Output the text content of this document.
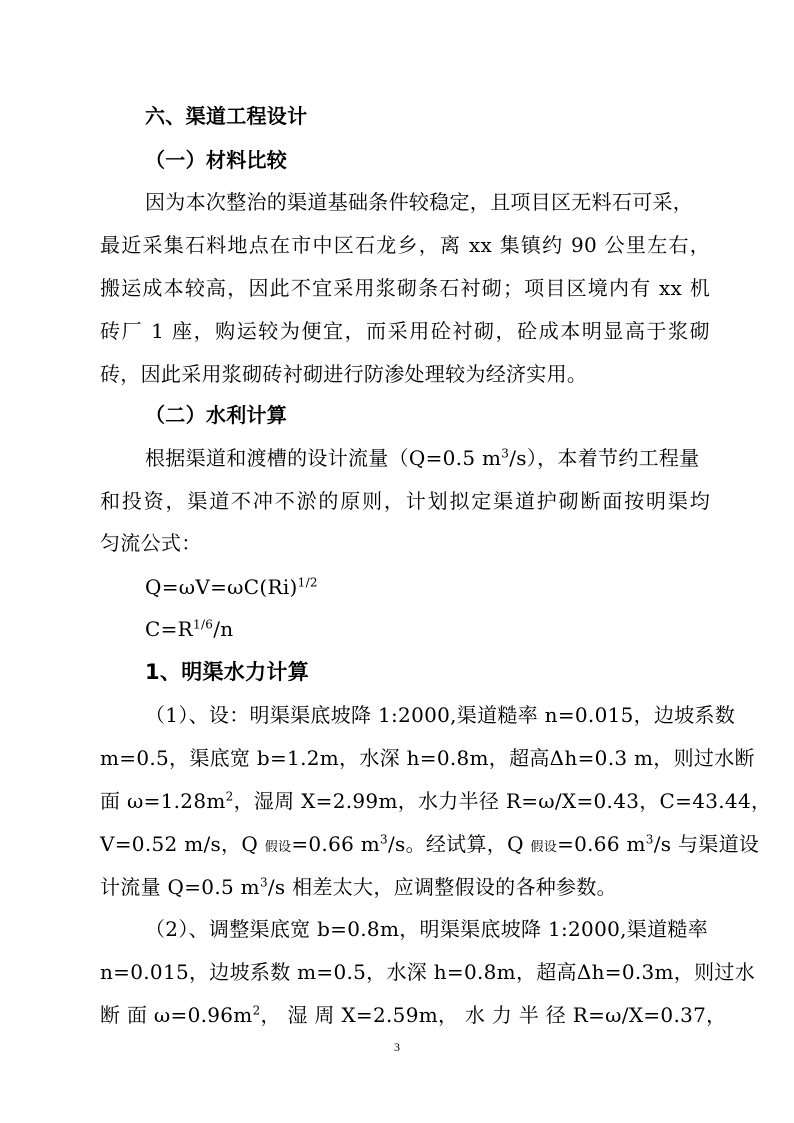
六、渠道工程设计
（一）材料比较
因为本次整治的渠道基础条件较稳定，且项目区无料石可采，
最近采集石料地点在市中区石龙乡，离 xx 集镇约 90 公里左右，
搬运成本较高，因此不宜采用浆砌条石衬砌；项目区境内有 xx 机
砖厂 1 座，购运较为便宜，而采用砼衬砌，砼成本明显高于浆砌
砖，因此采用浆砌砖衬砌进行防渗处理较为经济实用。
（二）水利计算
根据渠道和渡槽的设计流量（Q=0.5 $m^3/s$），本着节约工程量
和投资，渠道不冲不淤的原则，计划拟定渠道护砌断面按明渠均
匀流公式：
$Q=\omega V=\omega C(Ri)^{1/2}$
$C=R^{1/6}/n$
1、明渠水力计算
（1）、设：明渠渠底坡降 1:2000,渠道糙率 n=0.015，边坡系数
m=0.5，渠底宽 b=1.2m，水深 h=0.8m，超高Δh=0.3 m，则过水断
面 $\omega=1.28m^2$，湿周 X=2.99m，水力半径 R=ω/X=0.43，C=43.44，
V=0.52 m/s，Q 假设=0.66 $m^3/s$。经试算，Q 假设=0.66 $m^3/s$ 与渠道设
计流量 Q=0.5 $m^3/s$ 相差太大，应调整假设的各种参数。
（2）、调整渠底宽 b=0.8m，明渠渠底坡降 1:2000,渠道糙率
n=0.015，边坡系数 m=0.5，水深 h=0.8m，超高Δh=0.3m，则过水
断 面 $\omega=0.96m^2$， 湿 周 X=2.59m， 水 力 半 径 R=ω/X=0.37，
3
